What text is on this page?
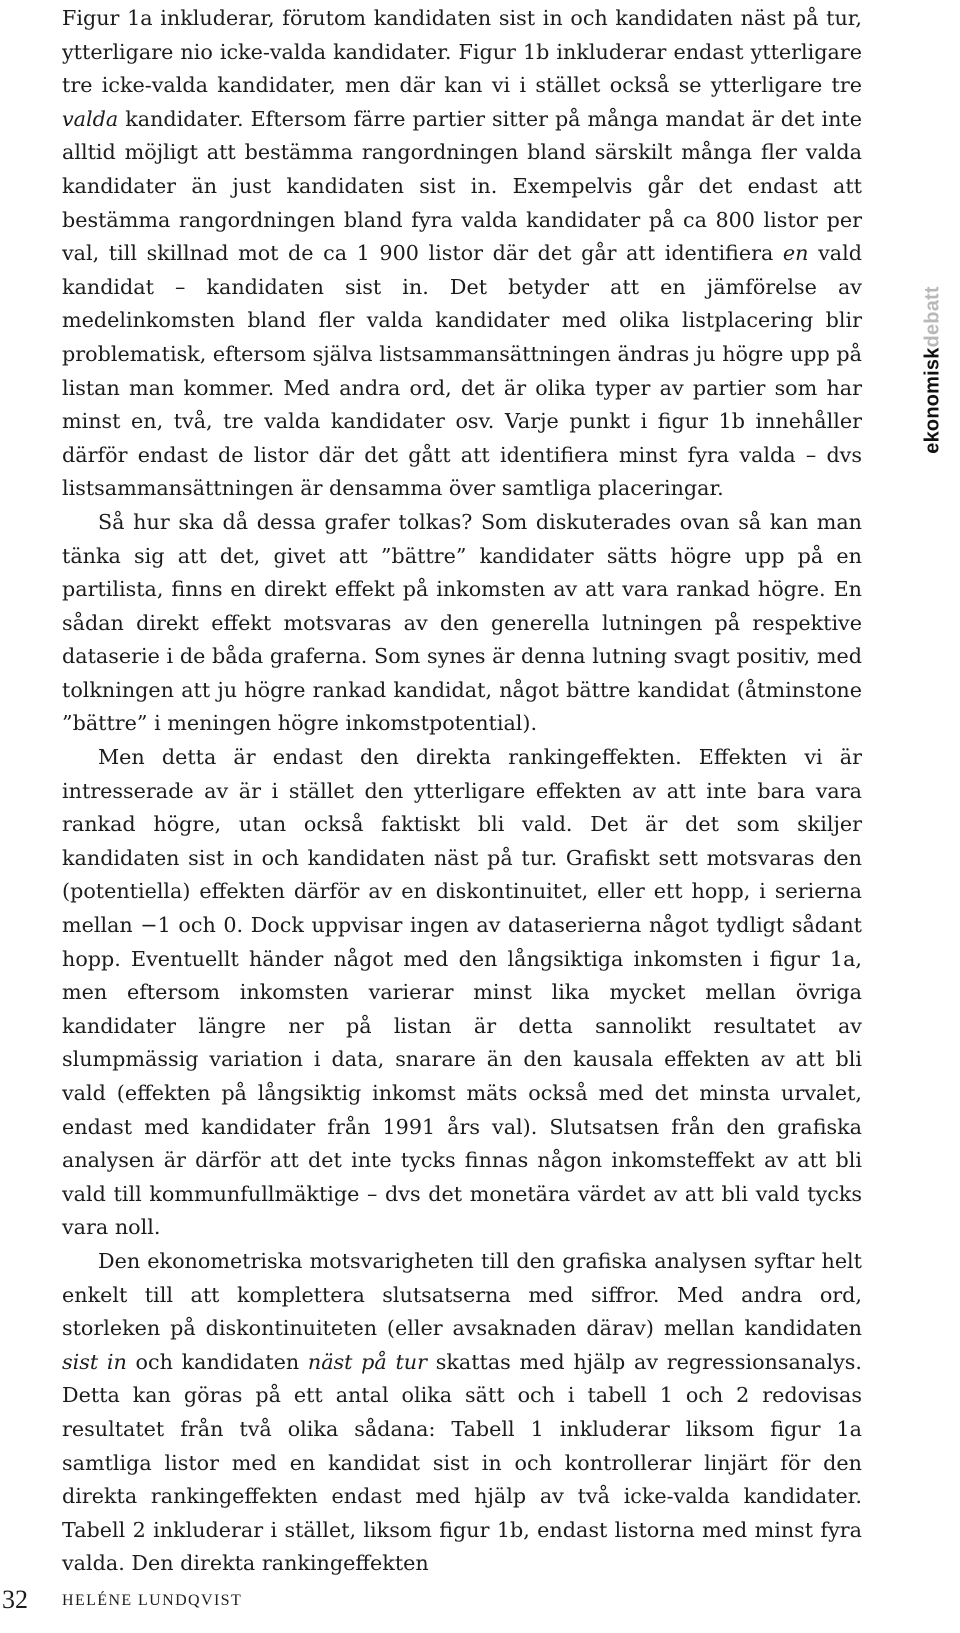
Figur 1a inkluderar, förutom kandidaten sist in och kandidaten näst på tur, ytterligare nio icke-valda kandidater. Figur 1b inkluderar endast ytterligare tre icke-valda kandidater, men där kan vi i stället också se ytterligare tre valda kandidater. Eftersom färre partier sitter på många mandat är det inte alltid möjligt att bestämma rangordningen bland särskilt många fler valda kandidater än just kandidaten sist in. Exempelvis går det endast att bestämma rangordningen bland fyra valda kandidater på ca 800 listor per val, till skillnad mot de ca 1 900 listor där det går att identifiera en vald kandidat – kandidaten sist in. Det betyder att en jämförelse av medelinkomsten bland fler valda kandidater med olika listplacering blir problematisk, eftersom själva listsammansättningen ändras ju högre upp på listan man kommer. Med andra ord, det är olika typer av partier som har minst en, två, tre valda kandidater osv. Varje punkt i figur 1b innehåller därför endast de listor där det gått att identifiera minst fyra valda – dvs listsammansättningen är densamma över samtliga placeringar.

Så hur ska då dessa grafer tolkas? Som diskuterades ovan så kan man tänka sig att det, givet att ”bättre” kandidater sätts högre upp på en partilista, finns en direkt effekt på inkomsten av att vara rankad högre. En sådan direkt effekt motsvaras av den generella lutningen på respektive dataserie i de båda graferna. Som synes är denna lutning svagt positiv, med tolkningen att ju högre rankad kandidat, något bättre kandidat (åtminstone ”bättre” i meningen högre inkomstpotential).

Men detta är endast den direkta rankingeffekten. Effekten vi är intresserade av är i stället den ytterligare effekten av att inte bara vara rankad högre, utan också faktiskt bli vald. Det är det som skiljer kandidaten sist in och kandidaten näst på tur. Grafiskt sett motsvaras den (potentiella) effekten därför av en diskontinuitet, eller ett hopp, i serierna mellan −1 och 0. Dock uppvisar ingen av dataserierna något tydligt sådant hopp. Eventuellt händer något med den långsiktiga inkomsten i figur 1a, men eftersom inkomsten varierar minst lika mycket mellan övriga kandidater längre ner på listan är detta sannolikt resultatet av slumpmässig variation i data, snarare än den kausala effekten av att bli vald (effekten på långsiktig inkomst mäts också med det minsta urvalet, endast med kandidater från 1991 års val). Slutsatsen från den grafiska analysen är därför att det inte tycks finnas någon inkomsteffekt av att bli vald till kommunfullmäktige – dvs det monetära värdet av att bli vald tycks vara noll.

Den ekonometriska motsvarigheten till den grafiska analysen syftar helt enkelt till att komplettera slutsatserna med siffror. Med andra ord, storleken på diskontinuiteten (eller avsaknaden därav) mellan kandidaten sist in och kandidaten näst på tur skattas med hjälp av regressionsanalys. Detta kan göras på ett antal olika sätt och i tabell 1 och 2 redovisas resultatet från två olika sådana: Tabell 1 inkluderar liksom figur 1a samtliga listor med en kandidat sist in och kontrollerar linjärt för den direkta rankingeffekten endast med hjälp av två icke-valda kandidater. Tabell 2 inkluderar i stället, liksom figur 1b, endast listorna med minst fyra valda. Den direkta rankingeffekten

ekonomiskdebatt
32 HELÉNE LUNDQVIST
